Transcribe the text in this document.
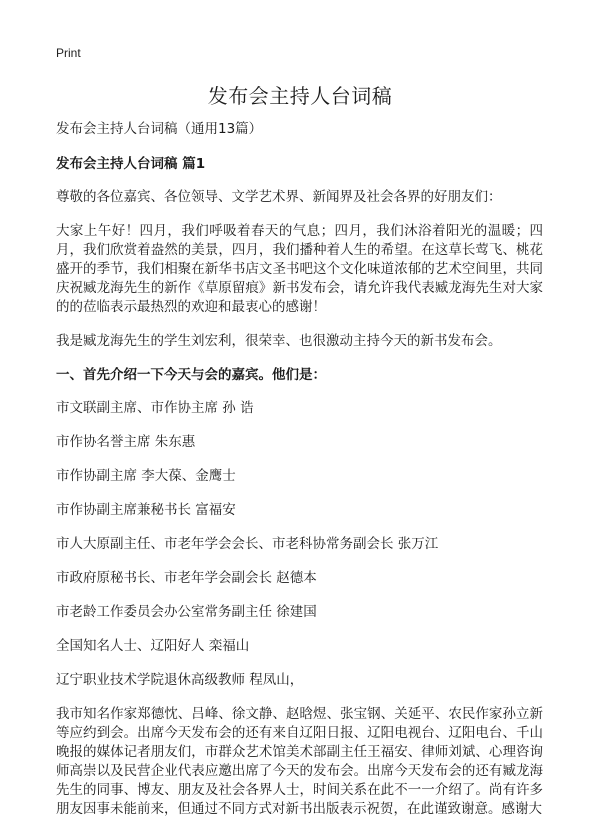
Print
发布会主持人台词稿

发布会主持人台词稿（通用13篇）

发布会主持人台词稿 篇1

尊敬的各位嘉宾、各位领导、文学艺术界、新闻界及社会各界的好朋友们：

大家上午好！四月，我们呼吸着春天的气息；四月，我们沐浴着阳光的温暖；四月，我们欣赏着盎然的美景，四月，我们播种着人生的希望。在这草长莺飞、桃花盛开的季节，我们相聚在新华书店文圣书吧这个文化味道浓郁的艺术空间里，共同庆祝臧龙海先生的新作《草原留痕》新书发布会，请允许我代表臧龙海先生对大家的的莅临表示最热烈的欢迎和最衷心的感谢！

我是臧龙海先生的学生刘宏利，很荣幸、也很激动主持今天的新书发布会。

一、首先介绍一下今天与会的嘉宾。他们是：

市文联副主席、市作协主席 孙 诰

市作协名誉主席 朱东惠

市作协副主席 李大葆、金鹰士

市作协副主席兼秘书长 富福安

市人大原副主任、市老年学会会长、市老科协常务副会长 张万江

市政府原秘书长、市老年学会副会长 赵德本

市老龄工作委员会办公室常务副主任 徐建国

全国知名人士、辽阳好人 栾福山

辽宁职业技术学院退休高级教师 程凤山，

我市知名作家郑德忱、吕峰、徐文静、赵晗煜、张宝钢、关延平、农民作家孙立新等应约到会。出席今天发布会的还有来自辽阳日报、辽阳电视台、辽阳电台、千山晚报的媒体记者朋友们，市群众艺术馆美术部副主任王福安、律师刘斌、心理咨询师高崇以及民营企业代表应邀出席了今天的发布会。出席今天发布会的还有臧龙海先生的同事、博友、朋友及社会各界人士，时间关系在此不一一介绍了。尚有许多朋友因事未能前来，但通过不同方式对新书出版表示祝贺，在此谨致谢意。感谢大
